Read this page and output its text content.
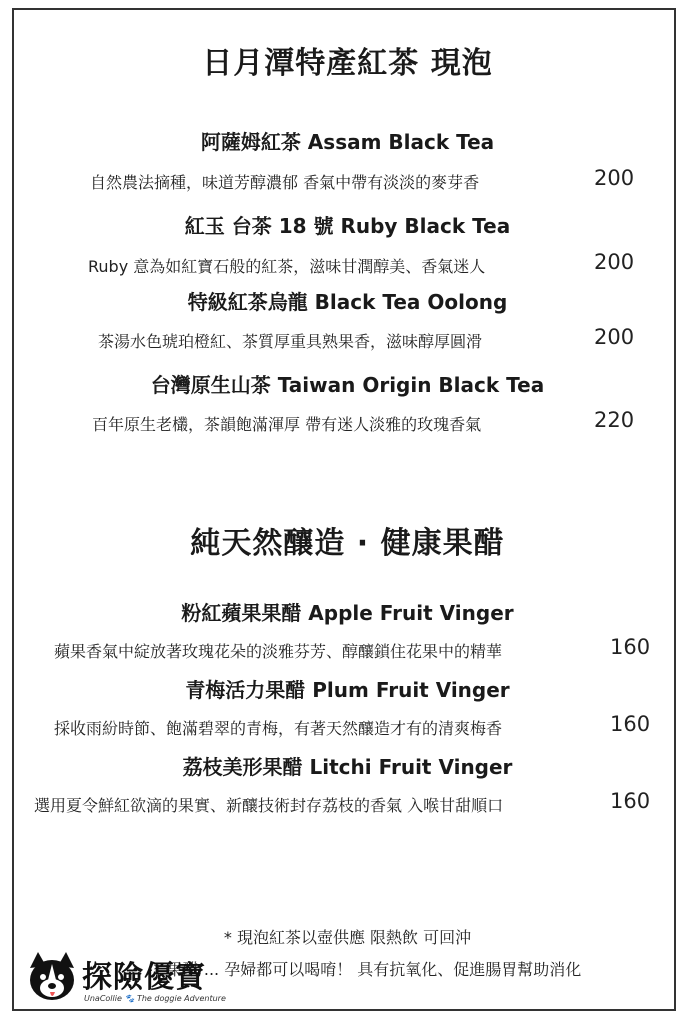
日月潭特產紅茶 現泡
阿薩姆紅茶 Assam Black Tea
自然農法摘種，味道芳醇濃郁 香氣中帶有淡淡的麥芽香	200
紅玉 台茶 18 號 Ruby Black Tea
Ruby 意為如紅寶石般的紅茶，滋味甘潤醇美、香氣迷人	200
特級紅茶烏龍 Black Tea Oolong
茶湯水色琥珀橙紅、茶質厚重具熟果香，滋味醇厚圓滑	200
台灣原生山茶 Taiwan Origin Black Tea
百年原生老欉，茶韻飽滿渾厚 帶有迷人淡雅的玫瑰香氣	220
純天然釀造 · 健康果醋
粉紅蘋果果醋 Apple Fruit Vinger
蘋果香氣中綻放著玫瑰花朵的淡雅芬芳、醇釀鎖住花果中的精華	160
青梅活力果醋 Plum Fruit Vinger
採收雨紛時節、飽滿碧翠的青梅，有著天然釀造才有的清爽梅香	160
荔枝美形果醋 Litchi Fruit Vinger
選用夏令鮮紅欲滴的果實、新釀技術封存荔枝的香氣 入喉甘甜順口	160
* 現泡紅茶以壺供應 限熱飲 可回沖
* 果醋 ... 孕婦都可以喝唷！ 具有抗氧化、促進腸胃幫助消化
探險優寶
UnaCollie 🐾 The doggie Adventure
